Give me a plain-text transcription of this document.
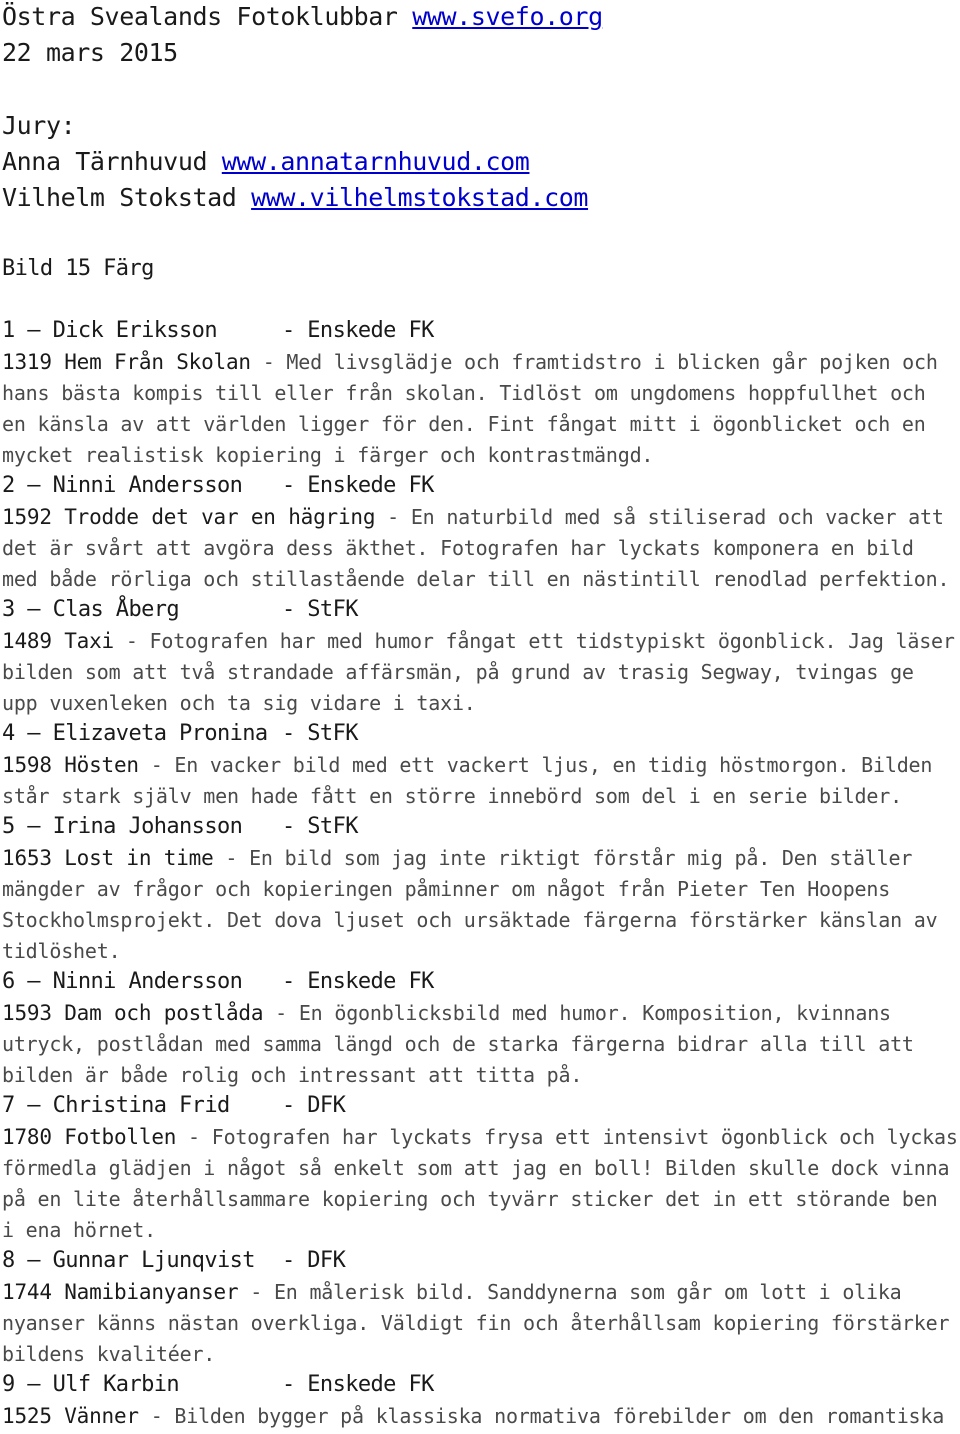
Östra Svealands Fotoklubbar www.svefo.org
22 mars 2015
Jury:
Anna Tärnhuvud www.annatarnhuvud.com
Vilhelm Stokstad www.vilhelmstokstad.com
Bild 15 Färg
1 – Dick Eriksson	- Enskede FK
1319 Hem Från Skolan - Med livsglädje och framtidstro i blicken går pojken och
hans bästa kompis till eller från skolan. Tidlöst om ungdomens hoppfullhet och
en känsla av att världen ligger för den. Fint fångat mitt i ögonblicket och en
mycket realistisk kopiering i färger och kontrastmängd.
2 – Ninni Andersson - Enskede FK
1592 Trodde det var en hägring - En naturbild med så stiliserad och vacker att
det är svårt att avgöra dess äkthet. Fotografen har lyckats komponera en bild
med både rörliga och stillastående delar till en nästintill renodlad perfektion.
3 – Clas Åberg	- StFK
1489 Taxi - Fotografen har med humor fångat ett tidstypiskt ögonblick. Jag läser
bilden som att två strandade affärsmän, på grund av trasig Segway, tvingas ge
upp vuxenleken och ta sig vidare i taxi.
4 – Elizaveta Pronina - StFK
1598 Hösten - En vacker bild med ett vackert ljus, en tidig höstmorgon. Bilden
står stark själv men hade fått en större innebörd som del i en serie bilder.
5 – Irina Johansson - StFK
1653 Lost in time - En bild som jag inte riktigt förstår mig på. Den ställer
mängder av frågor och kopieringen påminner om något från Pieter Ten Hoopens
Stockholmsprojekt. Det dova ljuset och ursäktade färgerna förstärker känslan av
tidlöshet.
6 – Ninni Andersson - Enskede FK
1593 Dam och postlåda - En ögonblicksbild med humor. Komposition, kvinnans
utryck, postlådan med samma längd och de starka färgerna bidrar alla till att
bilden är både rolig och intressant att titta på.
7 – Christina Frid - DFK
1780 Fotbollen - Fotografen har lyckats frysa ett intensivt ögonblick och lyckas
förmedla glädjen i något så enkelt som att jag en boll! Bilden skulle dock vinna
på en lite återhållsammare kopiering och tyvärr sticker det in ett störande ben
i ena hörnet.
8 – Gunnar Ljunqvist - DFK
1744 Namibianyanser - En målerisk bild. Sanddynerna som går om lott i olika
nyanser känns nästan overkliga. Väldigt fin och återhållsam kopiering förstärker
bildens kvalitéer.
9 – Ulf Karbin	- Enskede FK
1525 Vänner - Bilden bygger på klassiska normativa förebilder om den romantiska
